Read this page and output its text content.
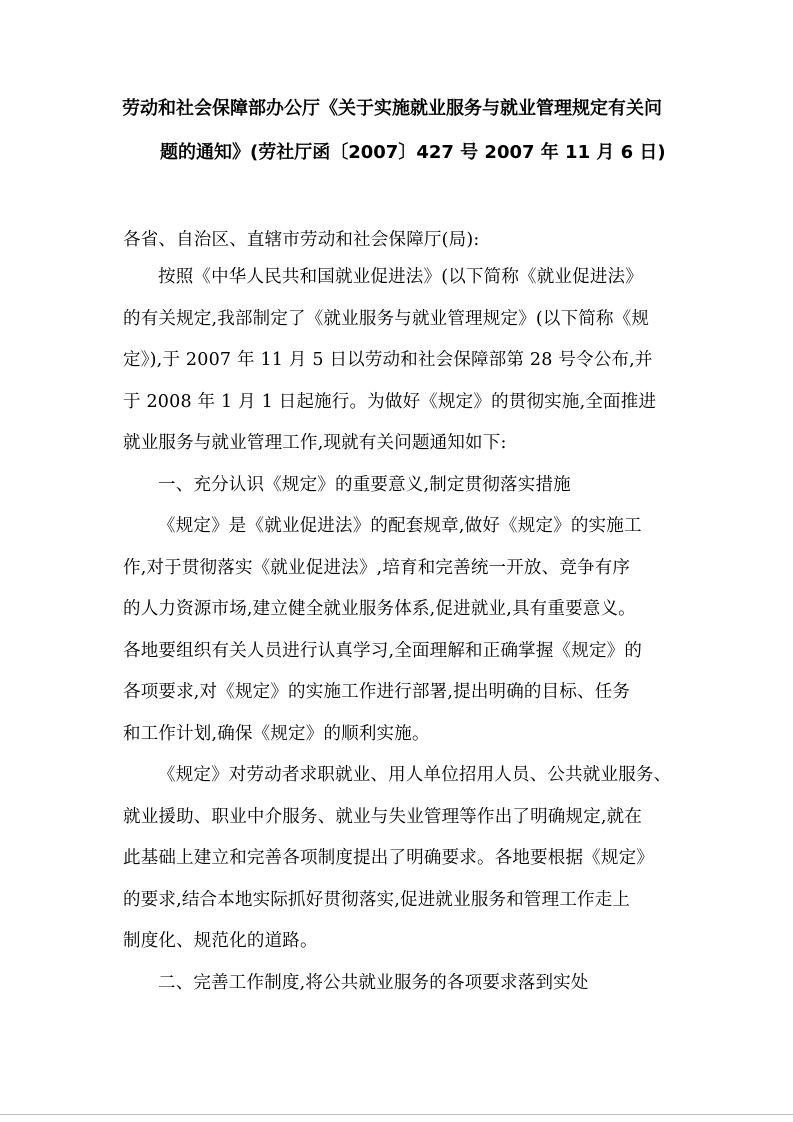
劳动和社会保障部办公厅《关于实施就业服务与就业管理规定有关问
题的通知》(劳社厅函〔2007〕427 号 2007 年 11 月 6 日)
各省、自治区、直辖市劳动和社会保障厅(局):
按照《中华人民共和国就业促进法》(以下简称《就业促进法》
的有关规定,我部制定了《就业服务与就业管理规定》(以下简称《规
定》),于 2007 年 11 月 5 日以劳动和社会保障部第 28 号令公布,并
于 2008 年 1 月 1 日起施行。为做好《规定》的贯彻实施,全面推进
就业服务与就业管理工作,现就有关问题通知如下:
一、充分认识《规定》的重要意义,制定贯彻落实措施
《规定》是《就业促进法》的配套规章,做好《规定》的实施工
作,对于贯彻落实《就业促进法》,培育和完善统一开放、竞争有序
的人力资源市场,建立健全就业服务体系,促进就业,具有重要意义。
各地要组织有关人员进行认真学习,全面理解和正确掌握《规定》的
各项要求,对《规定》的实施工作进行部署,提出明确的目标、任务
和工作计划,确保《规定》的顺利实施。
《规定》对劳动者求职就业、用人单位招用人员、公共就业服务、
就业援助、职业中介服务、就业与失业管理等作出了明确规定,就在
此基础上建立和完善各项制度提出了明确要求。各地要根据《规定》
的要求,结合本地实际抓好贯彻落实,促进就业服务和管理工作走上
制度化、规范化的道路。
二、完善工作制度,将公共就业服务的各项要求落到实处
